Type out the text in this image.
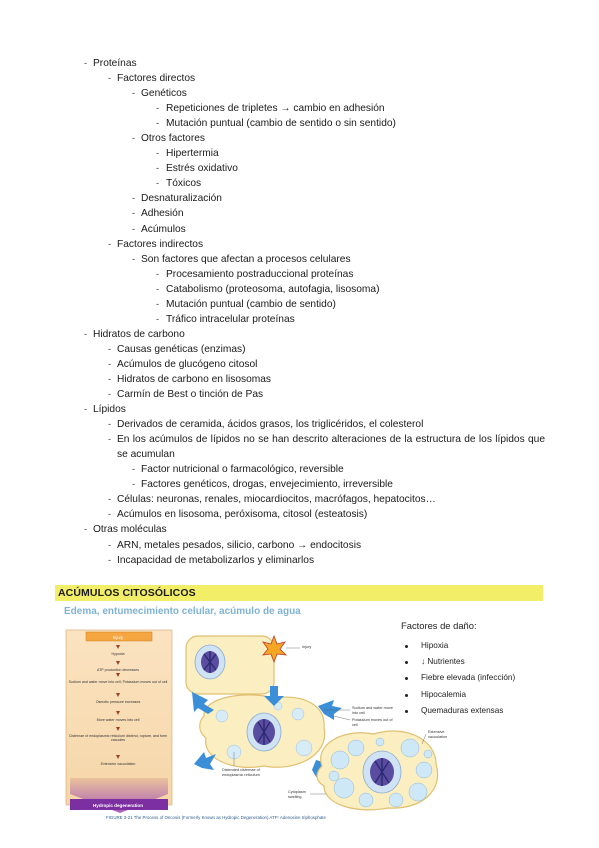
- Proteínas
- Factores directos
- Genéticos
- Repeticiones de tripletes → cambio en adhesión
- Mutación puntual (cambio de sentido o sin sentido)
- Otros factores
- Hipertermia
- Estrés oxidativo
- Tóxicos
- Desnaturalización
- Adhesión
- Acúmulos
- Factores indirectos
- Son factores que afectan a procesos celulares
- Procesamiento postraduccional proteínas
- Catabolismo (proteosoma, autofagia, lisosoma)
- Mutación puntual (cambio de sentido)
- Tráfico intracelular proteínas
- Hidratos de carbono
- Causas genéticas (enzimas)
- Acúmulos de glucógeno citosol
- Hidratos de carbono en lisosomas
- Carmín de Best o tinción de Pas
- Lípidos
- Derivados de ceramida, ácidos grasos, los triglicéridos, el colesterol
- En los acúmulos de lípidos no se han descrito alteraciones de la estructura de los lípidos que se acumulan
- Factor nutricional o farmacológico, reversible
- Factores genéticos, drogas, envejecimiento, irreversible
- Células: neuronas, renales, miocardiocitos, macrófagos, hepatocitos…
- Acúmulos en lisosoma, peróxisoma, citosol (esteatosis)
- Otras moléculas
- ARN, metales pesados, silicio, carbono → endocitosis
- Incapacidad de metabolizarlos y eliminarlos
ACÚMULOS CITOSÓLICOS
Edema, entumecimiento celular, acúmulo de agua
Injury
Hypoxia
ATP production decreases
Sodium and water move into cell; Potassium moves out of cell
Osmotic pressure increases
More water moves into cell
Cisternae of endoplasmic reticulum distend, rupture, and form vacuoles
Extensive vacuolation
Hydropic degeneration
Injury
Sodium and water move into cell
Potassium moves out of cell
Distended cisternae of endoplasmic reticulum
Extensive vacuolation
Cytoplasm swelling
FIGURE 3-21 The Process of Oncosis (Formerly Known as Hydropic Degeneration) ATP: Adenosine triphosphate
Factores de daño:
Hipoxia
↓ Nutrientes
Fiebre elevada (infección)
Hipocalemia
Quemaduras extensas
